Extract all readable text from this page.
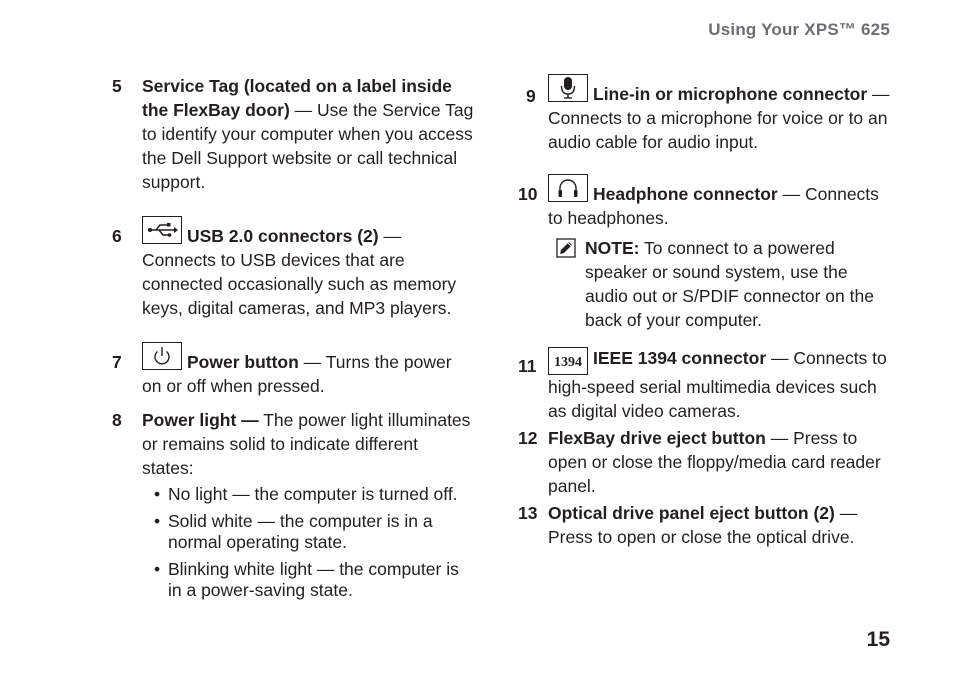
Using Your XPS™ 625
5 Service Tag (located on a label inside the FlexBay door) — Use the Service Tag to identify your computer when you access the Dell Support website or call technical support.
6	USB 2.0 connectors (2) — Connects to USB devices that are connected occasionally such as memory keys, digital cameras, and MP3 players.
7	Power button — Turns the power on or off when pressed.
8 Power light — The power light illuminates or remains solid to indicate different states:
• No light — the computer is turned off.
• Solid white — the computer is in a normal operating state.
• Blinking white light — the computer is in a power-saving state.
9	Line-in or microphone connector — Connects to a microphone for voice or to an audio cable for audio input.
10	Headphone connector — Connects to headphones.
NOTE: To connect to a powered speaker or sound system, use the audio out or S/PDIF connector on the back of your computer.
11 1394 IEEE 1394 connector — Connects to high-speed serial multimedia devices such as digital video cameras.
12 FlexBay drive eject button — Press to open or close the floppy/media card reader panel.
13 Optical drive panel eject button (2) — Press to open or close the optical drive.
15
